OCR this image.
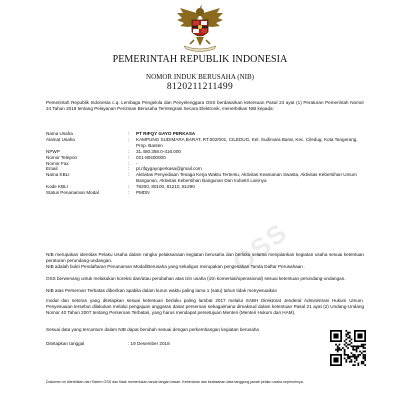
PEMERINTAH REPUBLIK INDONESIA
NOMOR INDUK BERUSAHA (NIB)
8120211211499
Pemerintah Republik Indonesia c.q. Lembaga Pengelola dan Penyelenggara OSS berdasarkan ketentuan Pasal 24 ayat (1) Peraturan Pemerintah Nomor 24 Tahun 2018 tentang Pelayanan Perizinan Berusaha Terintegrasi Secara Elektronik, menerbitkan NIB kepada:
Nama Usaha	:	PT RIFQY GAYO PERKASA
Alamat Usaha	:	KAMPUNG SUDIMARA BARAT, RT.002/001, CILEDUG, Kel. Sudimara Barat, Kec. Ciledug, Kota Tangerang, Prop. Banten
NPWP	:	31.480.358.0-416.000
Nomor Telepon	:	021-80400000
Nomor Fax	:	-
Email	:	pt.rifqygayoperkasa@gmail.com
Nama KBLI	:	Aktivitas Penyediaan Tenaga Kerja Waktu Tertentu, Aktivitas Keamanan Swasta, Aktivitas Kebersihan Umum Bangunan, Aktivitas Kebersihan Bangunan Dan Industri Lainnya
Kode KBLI	:	78200, 80100, 81210, 81290
Status Penanaman Modal	:	PMDN
OSS
NIB merupakan identitas Pelaku Usaha dalam rangka pelaksanaan kegiatan berusaha dan berlaku selama menjalankan kegiatan usaha sesuai ketentuan peraturan perundang-undangan.
NIB adalah bukti Pendaftaran Penanaman Modal/Berusaha yang sekaligus merupakan pengesahan Tanda Daftar Perusahaan .
OSS berwenang untuk melakukan koreksi dan/atau perubahan atas izin usaha (izin komersial/operasional) sesuai ketentuan perundang-undangan.
NIB atas Perseroan Terbatas diberikan apabila dalam kurun waktu paling lama 1 (satu) tahun tidak menyesuaikan
modal dan setoran yang ditetapkan sesuai ketentuan berlaku paling lambat 2017 melalui SABH Direktorat Jenderal Administrasi Hukum Umum. Penyesuaian tersebut dilakukan melalui pengajuan anggaran dasar perseroan sebagaimana dimaksud dalam ketentuan Pasal 21 ayat (2) Undang-Undang Nomor 40 Tahun 2007 tentang Perseroan Terbatas, yang harus mendapat persetujuan Menteri (Menteri Hukum dan HAM).
Sesuai data yang tercantum dalam NIB dapat berubah sesuai dengan perkembangan kegiatan berusaha
Ditetapkan tanggal	: 19 Desember 2018
Dokumen ini diterbitkan dari Sistem OSS dan tidak memerlukan tanda tangan basah. Kebenaran dan keabsahan data tanggung jawab pelaku usaha sepenuhnya.
